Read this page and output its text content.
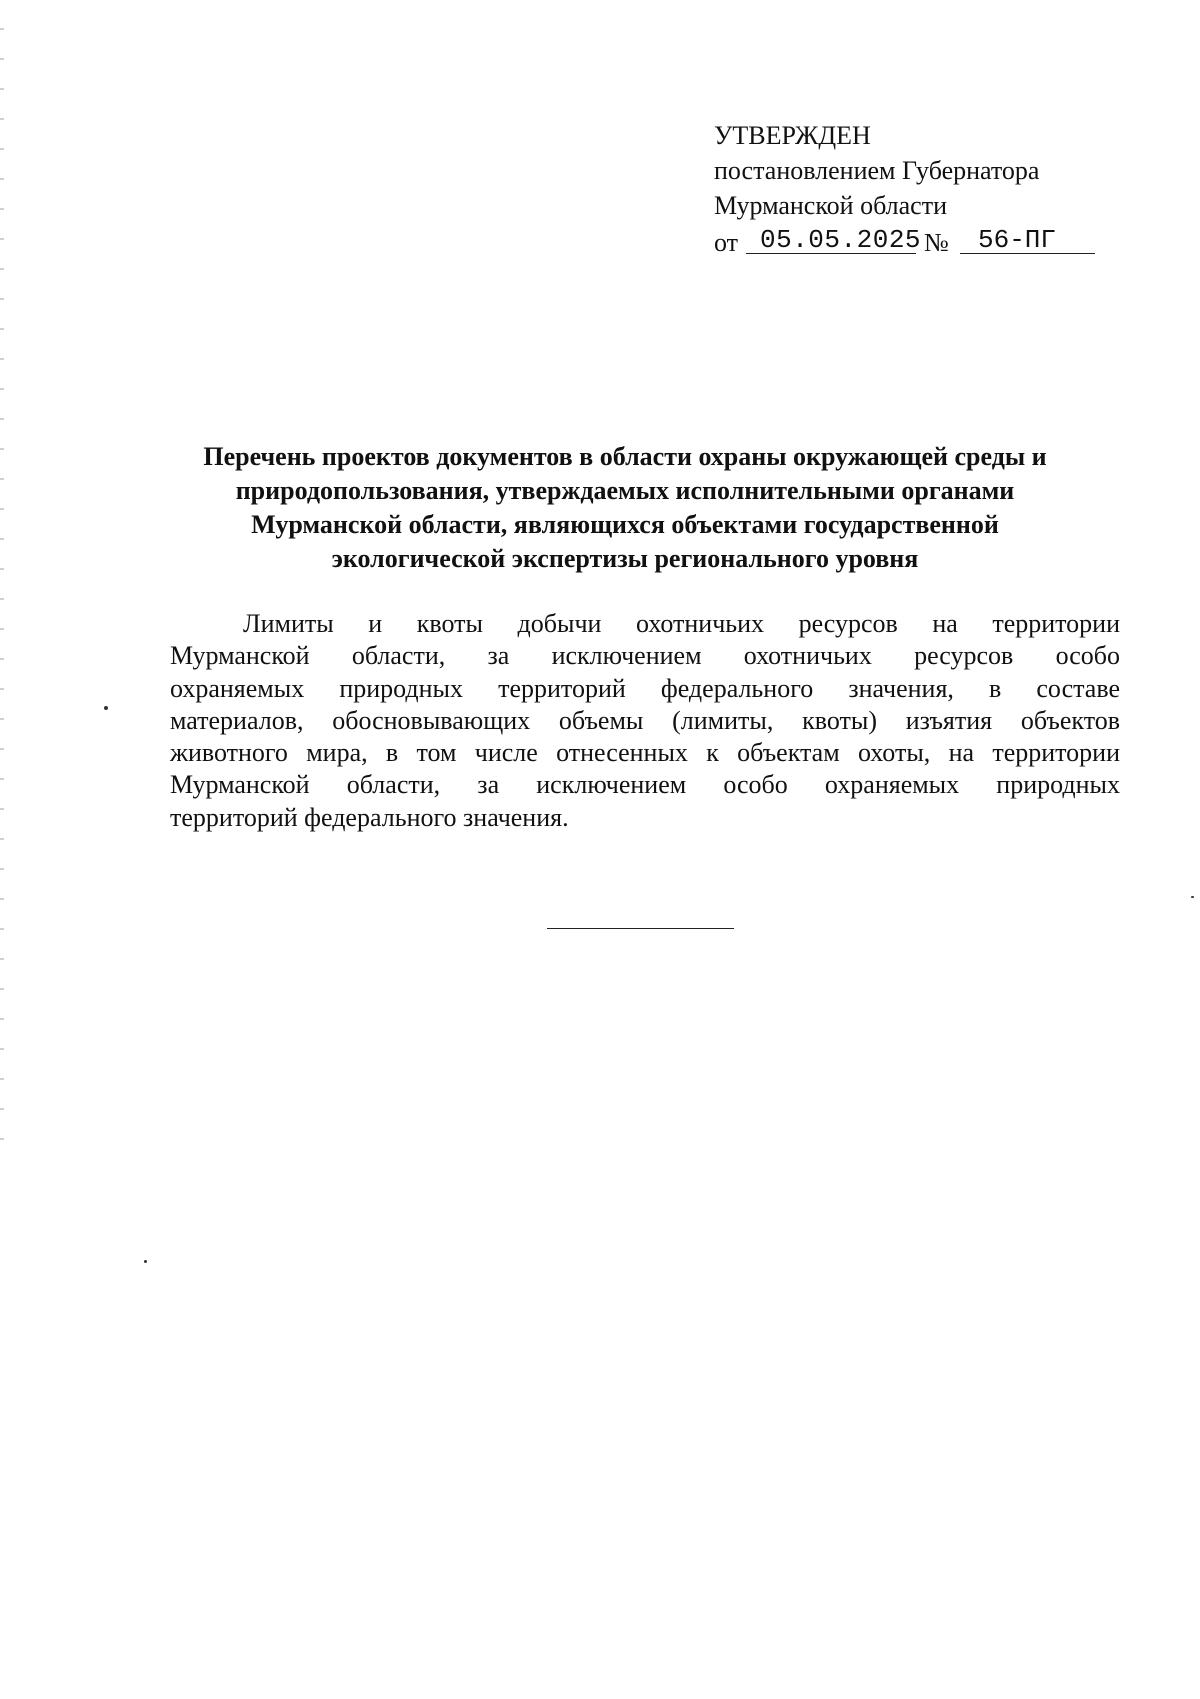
УТВЕРЖДЕН
постановлением Губернатора
Мурманской области
от 05.05.2025 № 56-ПГ
Перечень проектов документов в области охраны окружающей среды и
природопользования, утверждаемых исполнительными органами
Мурманской области, являющихся объектами государственной
экологической экспертизы регионального уровня
Лимиты и квоты добычи охотничьих ресурсов на территории
Мурманской области, за исключением охотничьих ресурсов особо
охраняемых природных территорий федерального значения, в составе
материалов, обосновывающих объемы (лимиты, квоты) изъятия объектов
животного мира, в том числе отнесенных к объектам охоты, на территории
Мурманской области, за исключением особо охраняемых природных
территорий федерального значения.
